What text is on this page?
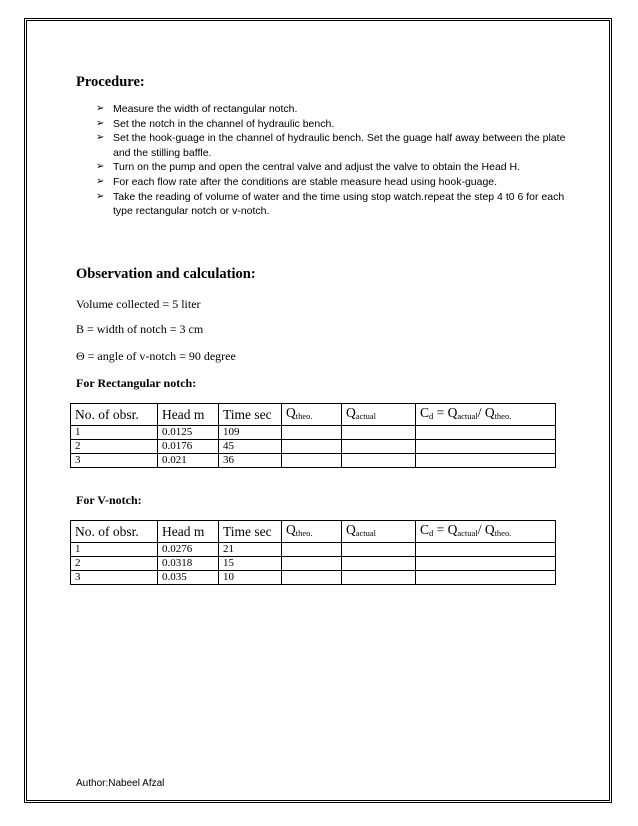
Procedure:
➢ Measure the width of rectangular notch.
➢ Set the notch in the channel of hydraulic bench.
➢ Set the hook-guage in the channel of hydraulic bench. Set the guage half away between the plate and the stilling baffle.
➢ Turn on the pump and open the central valve and adjust the valve to obtain the Head H.
➢ For each flow rate after the conditions are stable measure head using hook-guage.
➢ Take the reading of volume of water and the time using stop watch.repeat the step 4 t0 6 for each type rectangular notch or v-notch.
Observation and calculation:
Volume collected = 5 liter
B = width of notch = 3 cm
Θ = angle of v-notch = 90 degree
For Rectangular notch:
No. of obsr.	Head m	Time sec	$Q_{theo.}$	$Q_{actual}$	$C_d = Q_{actual}/$ $Q_{theo.}$
1	0.0125	109			
2	0.0176	45			
3	0.021	36			
For V-notch:
No. of obsr.	Head m	Time sec	$Q_{theo.}$	$Q_{actual}$	$C_d = Q_{actual}/$ $Q_{theo.}$
1	0.0276	21			
2	0.0318	15			
3	0.035	10			
Author:Nabeel Afzal
